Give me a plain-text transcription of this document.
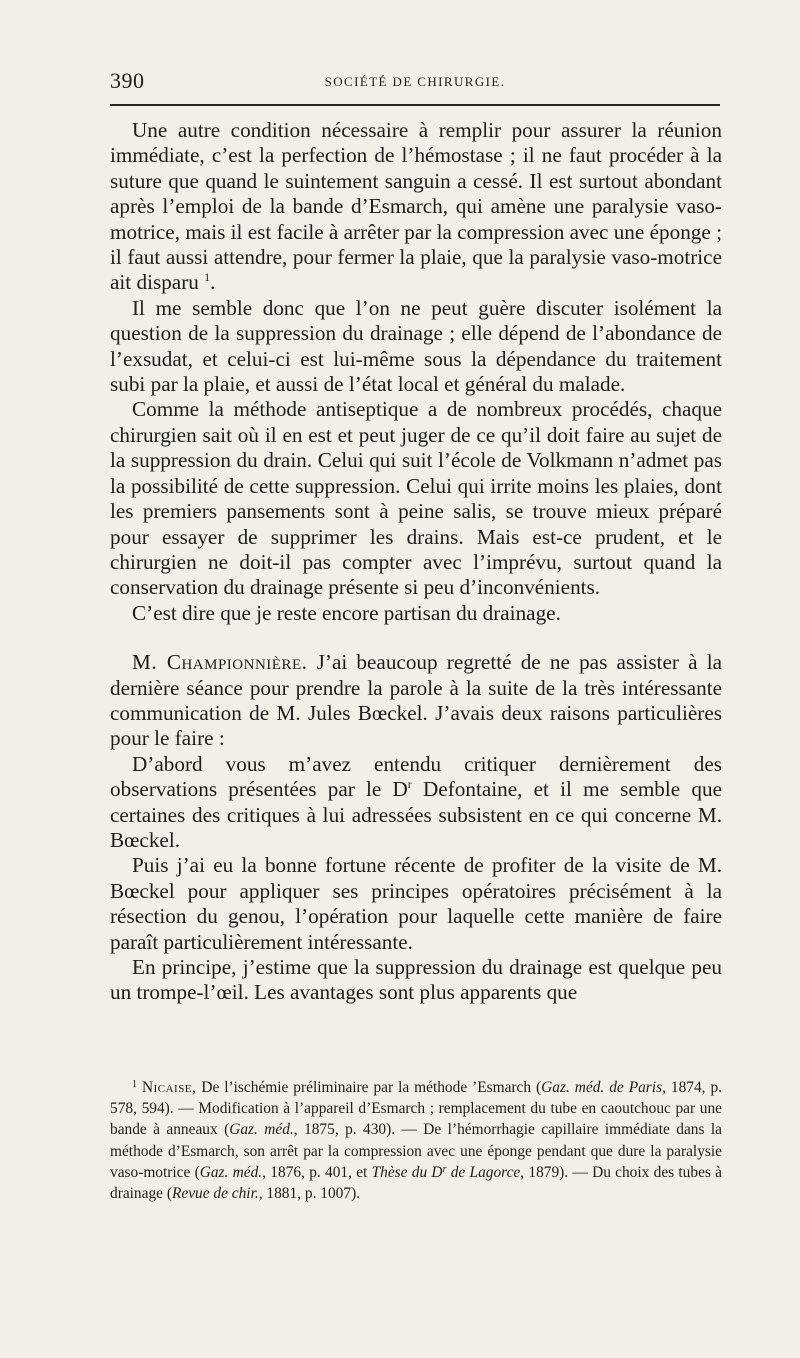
390	SOCIÉTÉ DE CHIRURGIE.

Une autre condition nécessaire à remplir pour assurer la réunion immédiate, c’est la perfection de l’hémostase ; il ne faut procéder à la suture que quand le suintement sanguin a cessé. Il est surtout abondant après l’emploi de la bande d’Esmarch, qui amène une paralysie vaso-motrice, mais il est facile à arrêter par la compression avec une éponge ; il faut aussi attendre, pour fermer la plaie, que la paralysie vaso-motrice ait disparu $^1$.

Il me semble donc que l’on ne peut guère discuter isolément la question de la suppression du drainage ; elle dépend de l’abondance de l’exsudat, et celui-ci est lui-même sous la dépendance du traitement subi par la plaie, et aussi de l’état local et général du malade.

Comme la méthode antiseptique a de nombreux procédés, chaque chirurgien sait où il en est et peut juger de ce qu’il doit faire au sujet de la suppression du drain. Celui qui suit l’école de Volkmann n’admet pas la possibilité de cette suppression. Celui qui irrite moins les plaies, dont les premiers pansements sont à peine salis, se trouve mieux préparé pour essayer de supprimer les drains. Mais est-ce prudent, et le chirurgien ne doit-il pas compter avec l’imprévu, surtout quand la conservation du drainage présente si peu d’inconvénients.

C’est dire que je reste encore partisan du drainage.

M. Championnière. J’ai beaucoup regretté de ne pas assister à la dernière séance pour prendre la parole à la suite de la très intéressante communication de M. Jules Bœckel. J’avais deux raisons particulières pour le faire :

D’abord vous m’avez entendu critiquer dernièrement des observations présentées par le $D^r$ Defontaine, et il me semble que certaines des critiques à lui adressées subsistent en ce qui concerne M. Bœckel.

Puis j’ai eu la bonne fortune récente de profiter de la visite de M. Bœckel pour appliquer ses principes opératoires précisément à la résection du genou, l’opération pour laquelle cette manière de faire paraît particulièrement intéressante.

En principe, j’estime que la suppression du drainage est quelque peu un trompe-l’œil. Les avantages sont plus apparents que

$^1$ Nicaise, De l’ischémie préliminaire par la méthode ’Esmarch (Gaz. méd. de Paris, 1874, p. 578, 594). — Modification à l’appareil d’Esmarch ; remplacement du tube en caoutchouc par une bande à anneaux (Gaz. méd., 1875, p. 430). — De l’hémorrhagie capillaire immédiate dans la méthode d’Esmarch, son arrêt par la compression avec une éponge pendant que dure la paralysie vaso-motrice (Gaz. méd., 1876, p. 401, et Thèse du D$^r$ de Lagorce, 1879). — Du choix des tubes à drainage (Revue de chir., 1881, p. 1007).
